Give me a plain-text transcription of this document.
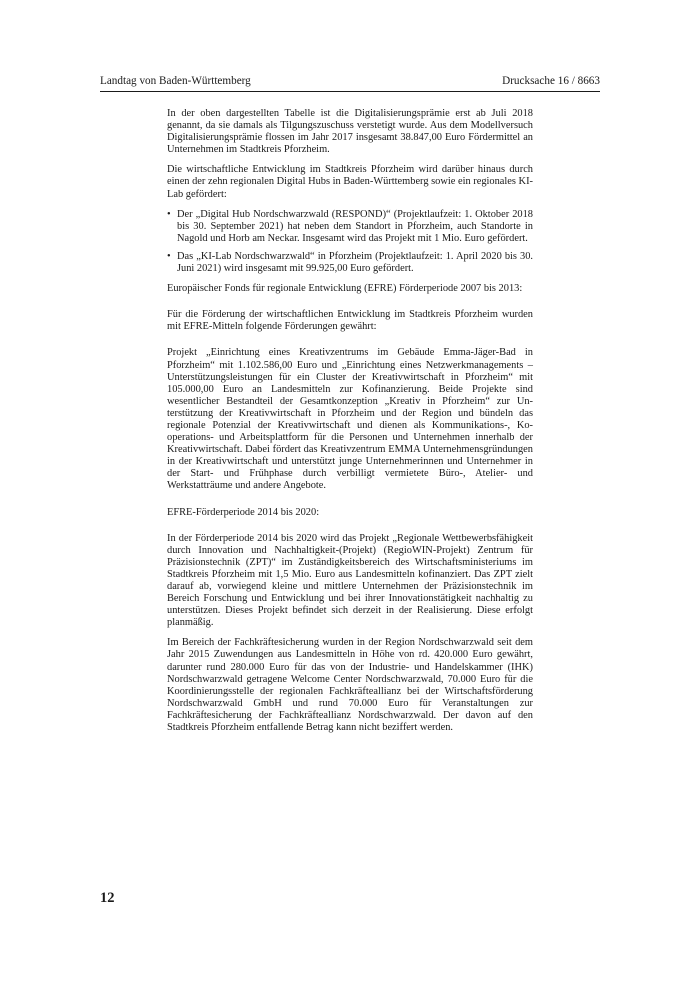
Landtag von Baden-Württemberg	Drucksache 16 / 8663

In der oben dargestellten Tabelle ist die Digitalisierungsprämie erst ab Juli 2018 genannt, da sie damals als Tilgungszuschuss verstetigt wurde. Aus dem Modellversuch Digitalisierungsprämie flossen im Jahr 2017 insgesamt 38.847,00 Euro Fördermittel an Unternehmen im Stadtkreis Pforzheim.

Die wirtschaftliche Entwicklung im Stadtkreis Pforzheim wird darüber hinaus durch einen der zehn regionalen Digital Hubs in Baden-Württemberg sowie ein regionales KI-Lab gefördert:

• Der „Digital Hub Nordschwarzwald (RESPOND)“ (Projektlaufzeit: 1. Oktober 2018 bis 30. September 2021) hat neben dem Standort in Pforzheim, auch Standorte in Nagold und Horb am Neckar. Insgesamt wird das Projekt mit 1 Mio. Euro gefördert.
• Das „KI-Lab Nordschwarzwald“ in Pforzheim (Projektlaufzeit: 1. April 2020 bis 30. Juni 2021) wird insgesamt mit 99.925,00 Euro gefördert.

Europäischer Fonds für regionale Entwicklung (EFRE) Förderperiode 2007 bis 2013:

Für die Förderung der wirtschaftlichen Entwicklung im Stadtkreis Pforzheim wurden mit EFRE-Mitteln folgende Förderungen gewährt:

Projekt „Einrichtung eines Kreativzentrums im Gebäude Emma-Jäger-Bad in Pforzheim“ mit 1.102.586,00 Euro und „Einrichtung eines Netzwerkmanagements – Unterstützungsleistungen für ein Cluster der Kreativwirtschaft in Pforzheim“ mit 105.000,00 Euro an Landesmitteln zur Kofinanzierung. Beide Projekte sind wesentlicher Bestandteil der Gesamtkonzeption „Kreativ in Pforzheim“ zur Unterstützung der Kreativwirtschaft in Pforzheim und der Region und bündeln das regionale Potenzial der Kreativwirtschaft und dienen als Kommunikations-, Kooperations- und Arbeitsplattform für die Personen und Unternehmen innerhalb der Kreativwirtschaft. Dabei fördert das Kreativzentrum EMMA Unternehmensgründungen in der Kreativwirtschaft und unterstützt junge Unternehmerinnen und Unternehmer in der Start- und Frühphase durch verbilligt vermietete Büro-, Atelier- und Werkstatträume und andere Angebote.

EFRE-Förderperiode 2014 bis 2020:

In der Förderperiode 2014 bis 2020 wird das Projekt „Regionale Wettbewerbsfähigkeit durch Innovation und Nachhaltigkeit-(Projekt) (RegioWIN-Projekt) Zentrum für Präzisionstechnik (ZPT)“ im Zuständigkeitsbereich des Wirtschaftsministeriums im Stadtkreis Pforzheim mit 1,5 Mio. Euro aus Landesmitteln kofinanziert. Das ZPT zielt darauf ab, vorwiegend kleine und mittlere Unternehmen der Präzisionstechnik im Bereich Forschung und Entwicklung und bei ihrer Innovationstätigkeit nachhaltig zu unterstützen. Dieses Projekt befindet sich derzeit in der Realisierung. Diese erfolgt planmäßig.

Im Bereich der Fachkräftesicherung wurden in der Region Nordschwarzwald seit dem Jahr 2015 Zuwendungen aus Landesmitteln in Höhe von rd. 420.000 Euro gewährt, darunter rund 280.000 Euro für das von der Industrie- und Handelskammer (IHK) Nordschwarzwald getragene Welcome Center Nordschwarzwald, 70.000 Euro für die Koordinierungsstelle der regionalen Fachkräfteallianz bei der Wirtschaftsförderung Nordschwarzwald GmbH und rund 70.000 Euro für Veranstaltungen zur Fachkräftesicherung der Fachkräfteallianz Nordschwarzwald. Der davon auf den Stadtkreis Pforzheim entfallende Betrag kann nicht beziffert werden.

12
